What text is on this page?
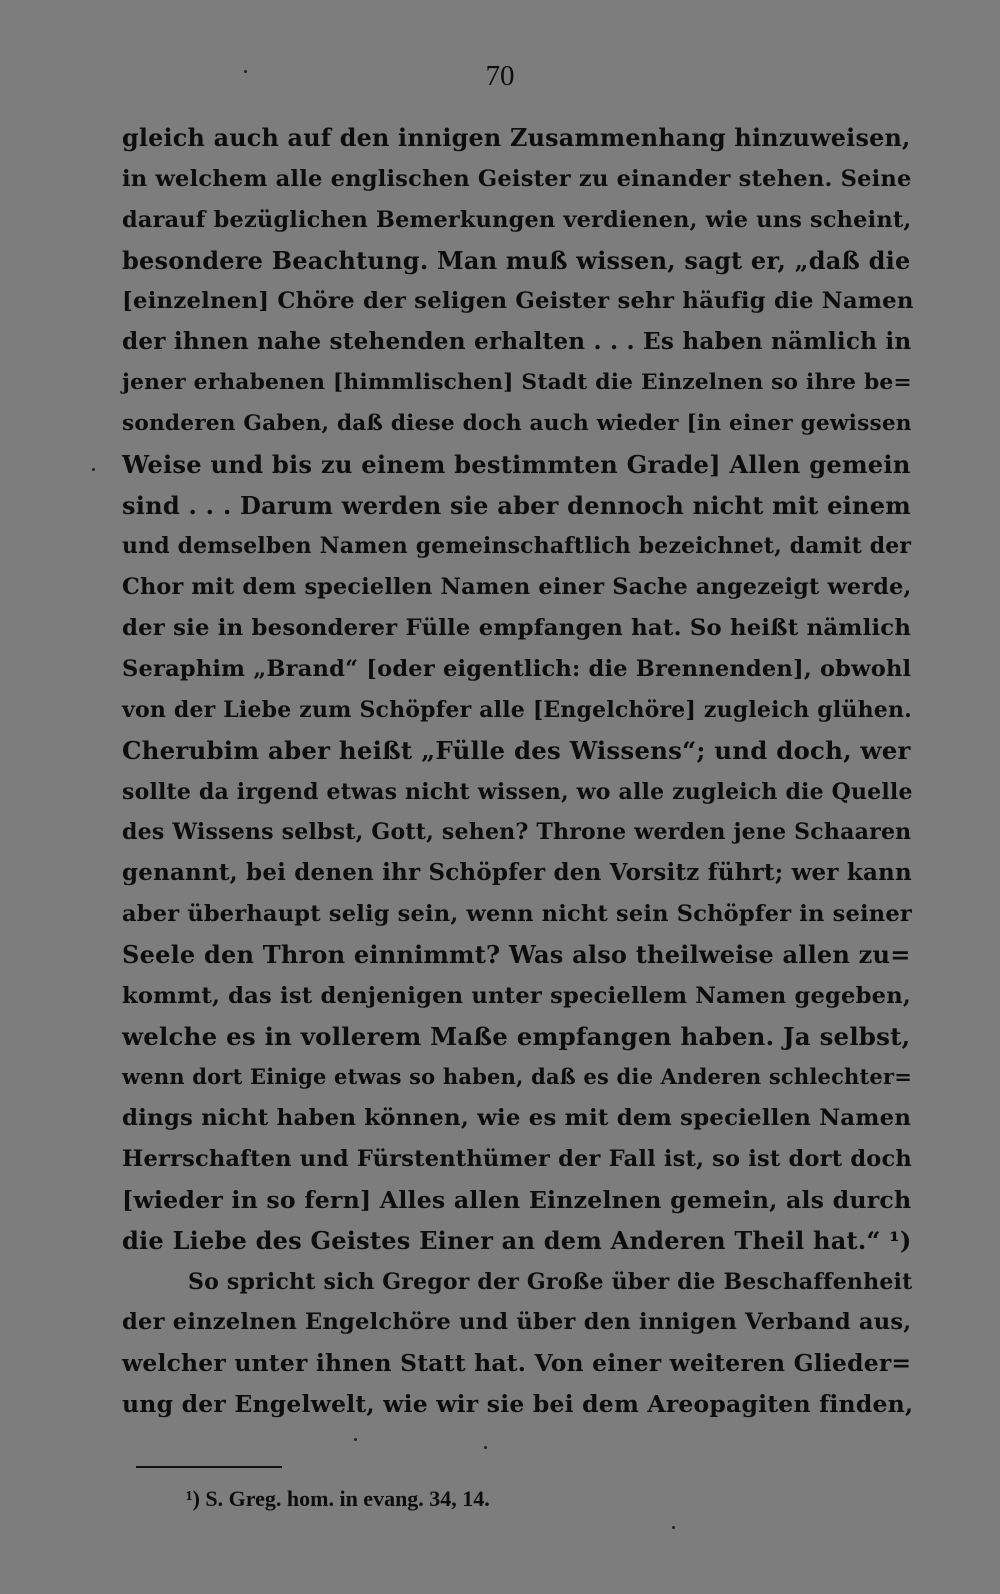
70
gleich auch auf den innigen Zusammenhang hinzuweisen,
in welchem alle englischen Geister zu einander stehen. Seine
darauf bezüglichen Bemerkungen verdienen, wie uns scheint,
besondere Beachtung. Man muß wissen, sagt er, „daß die
[einzelnen] Chöre der seligen Geister sehr häufig die Namen
der ihnen nahe stehenden erhalten . . . Es haben nämlich in
jener erhabenen [himmlischen] Stadt die Einzelnen so ihre be=
sonderen Gaben, daß diese doch auch wieder [in einer gewissen
Weise und bis zu einem bestimmten Grade] Allen gemein
sind . . . Darum werden sie aber dennoch nicht mit einem
und demselben Namen gemeinschaftlich bezeichnet, damit der
Chor mit dem speciellen Namen einer Sache angezeigt werde,
der sie in besonderer Fülle empfangen hat. So heißt nämlich
Seraphim „Brand“ [oder eigentlich: die Brennenden], obwohl
von der Liebe zum Schöpfer alle [Engelchöre] zugleich glühen.
Cherubim aber heißt „Fülle des Wissens“; und doch, wer
sollte da irgend etwas nicht wissen, wo alle zugleich die Quelle
des Wissens selbst, Gott, sehen? Throne werden jene Schaaren
genannt, bei denen ihr Schöpfer den Vorsitz führt; wer kann
aber überhaupt selig sein, wenn nicht sein Schöpfer in seiner
Seele den Thron einnimmt? Was also theilweise allen zu=
kommt, das ist denjenigen unter speciellem Namen gegeben,
welche es in vollerem Maße empfangen haben. Ja selbst,
wenn dort Einige etwas so haben, daß es die Anderen schlechter=
dings nicht haben können, wie es mit dem speciellen Namen
Herrschaften und Fürstenthümer der Fall ist, so ist dort doch
[wieder in so fern] Alles allen Einzelnen gemein, als durch
die Liebe des Geistes Einer an dem Anderen Theil hat.“ ¹)
So spricht sich Gregor der Große über die Beschaffenheit
der einzelnen Engelchöre und über den innigen Verband aus,
welcher unter ihnen Statt hat. Von einer weiteren Glieder=
ung der Engelwelt, wie wir sie bei dem Areopagiten finden,
¹) S. Greg. hom. in evang. 34, 14.
